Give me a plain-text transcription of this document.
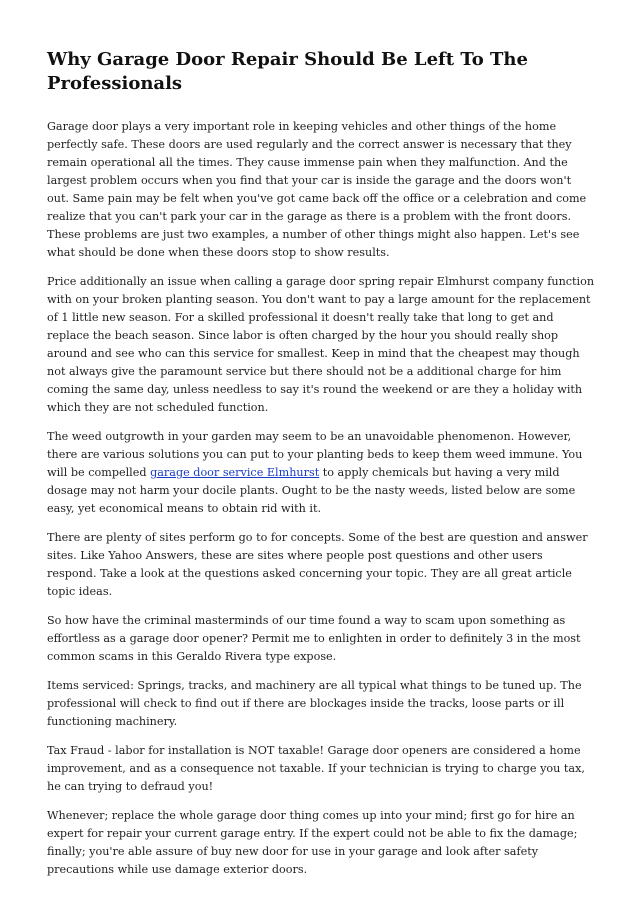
Why Garage Door Repair Should Be Left To The Professionals

Garage door plays a very important role in keeping vehicles and other things of the home perfectly safe. These doors are used regularly and the correct answer is necessary that they remain operational all the times. They cause immense pain when they malfunction. And the largest problem occurs when you find that your car is inside the garage and the doors won't out. Same pain may be felt when you've got came back off the office or a celebration and come realize that you can't park your car in the garage as there is a problem with the front doors. These problems are just two examples, a number of other things might also happen. Let's see what should be done when these doors stop to show results.

Price additionally an issue when calling a garage door spring repair Elmhurst company function with on your broken planting season. You don't want to pay a large amount for the replacement of 1 little new season. For a skilled professional it doesn't really take that long to get and replace the beach season. Since labor is often charged by the hour you should really shop around and see who can this service for smallest. Keep in mind that the cheapest may though not always give the paramount service but there should not be a additional charge for him coming the same day, unless needless to say it's round the weekend or are they a holiday with which they are not scheduled function.

The weed outgrowth in your garden may seem to be an unavoidable phenomenon. However, there are various solutions you can put to your planting beds to keep them weed immune. You will be compelled garage door service Elmhurst to apply chemicals but having a very mild dosage may not harm your docile plants. Ought to be the nasty weeds, listed below are some easy, yet economical means to obtain rid with it.

There are plenty of sites perform go to for concepts. Some of the best are question and answer sites. Like Yahoo Answers, these are sites where people post questions and other users respond. Take a look at the questions asked concerning your topic. They are all great article topic ideas.

So how have the criminal masterminds of our time found a way to scam upon something as effortless as a garage door opener? Permit me to enlighten in order to definitely 3 in the most common scams in this Geraldo Rivera type expose.

Items serviced: Springs, tracks, and machinery are all typical what things to be tuned up. The professional will check to find out if there are blockages inside the tracks, loose parts or ill functioning machinery.

Tax Fraud - labor for installation is NOT taxable! Garage door openers are considered a home improvement, and as a consequence not taxable. If your technician is trying to charge you tax, he can trying to defraud you!

Whenever; replace the whole garage door thing comes up into your mind; first go for hire an expert for repair your current garage entry. If the expert could not be able to fix the damage; finally; you're able assure of buy new door for use in your garage and look after safety precautions while use damage exterior doors.
